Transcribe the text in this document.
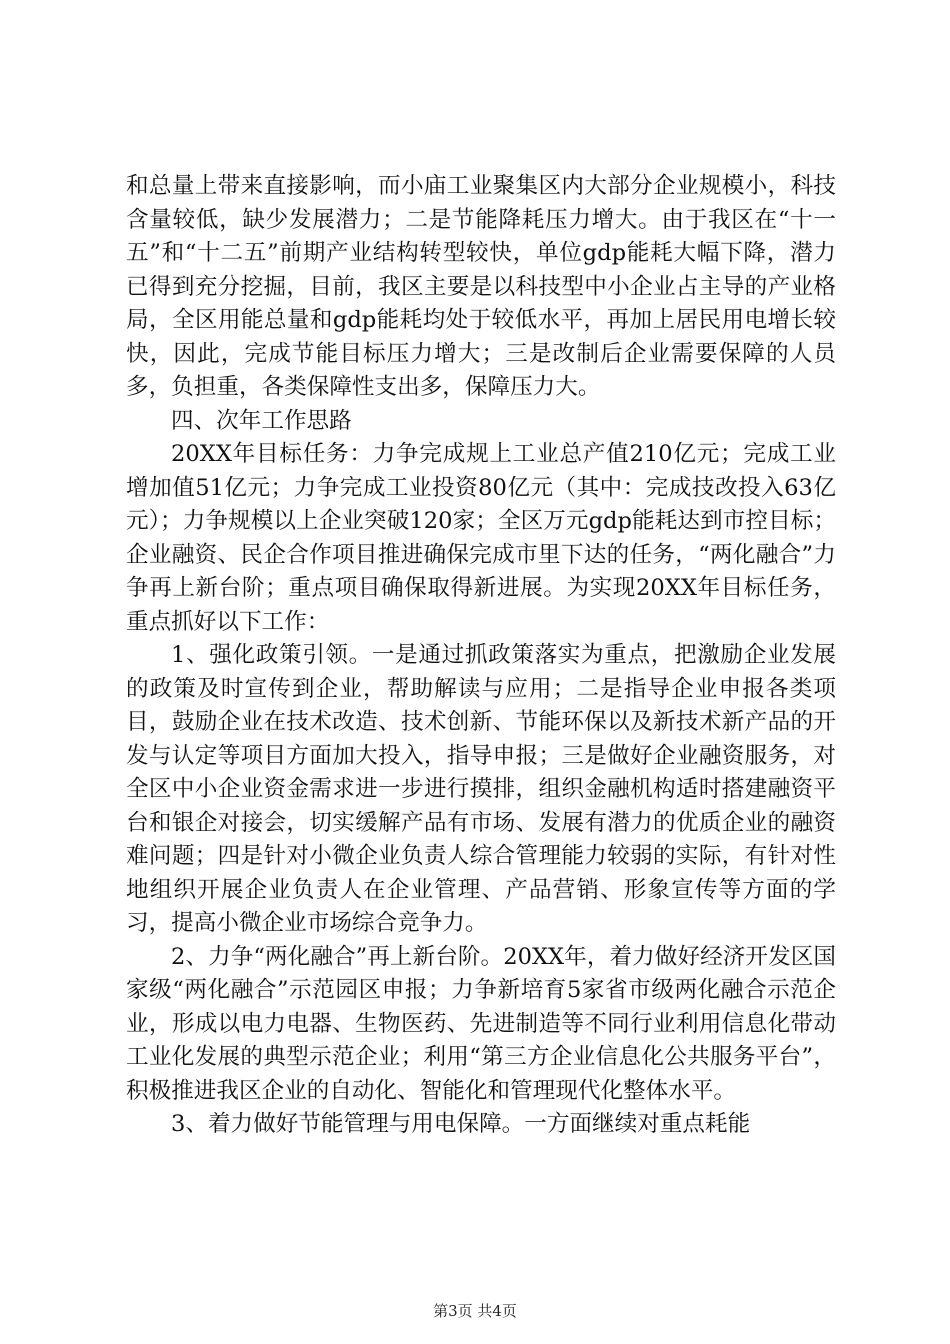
和总量上带来直接影响，而小庙工业聚集区内大部分企业规模小，科技含量较低，缺少发展潜力；二是节能降耗压力增大。由于我区在“十一五”和“十二五”前期产业结构转型较快，单位gdp能耗大幅下降，潜力已得到充分挖掘，目前，我区主要是以科技型中小企业占主导的产业格局，全区用能总量和gdp能耗均处于较低水平，再加上居民用电增长较快，因此，完成节能目标压力增大；三是改制后企业需要保障的人员多，负担重，各类保障性支出多，保障压力大。

四、次年工作思路

20XX年目标任务：力争完成规上工业总产值210亿元；完成工业增加值51亿元；力争完成工业投资80亿元（其中：完成技改投入63亿元）；力争规模以上企业突破120家；全区万元gdp能耗达到市控目标；企业融资、民企合作项目推进确保完成市里下达的任务，“两化融合”力争再上新台阶；重点项目确保取得新进展。为实现20XX年目标任务，重点抓好以下工作：

1、强化政策引领。一是通过抓政策落实为重点，把激励企业发展的政策及时宣传到企业，帮助解读与应用；二是指导企业申报各类项目，鼓励企业在技术改造、技术创新、节能环保以及新技术新产品的开发与认定等项目方面加大投入，指导申报；三是做好企业融资服务，对全区中小企业资金需求进一步进行摸排，组织金融机构适时搭建融资平台和银企对接会，切实缓解产品有市场、发展有潜力的优质企业的融资难问题；四是针对小微企业负责人综合管理能力较弱的实际，有针对性地组织开展企业负责人在企业管理、产品营销、形象宣传等方面的学习，提高小微企业市场综合竞争力。

2、力争“两化融合”再上新台阶。20XX年，着力做好经济开发区国家级“两化融合”示范园区申报；力争新培育5家省市级两化融合示范企业，形成以电力电器、生物医药、先进制造等不同行业利用信息化带动工业化发展的典型示范企业；利用“第三方企业信息化公共服务平台”，积极推进我区企业的自动化、智能化和管理现代化整体水平。

3、着力做好节能管理与用电保障。一方面继续对重点耗能

第3页 共4页
